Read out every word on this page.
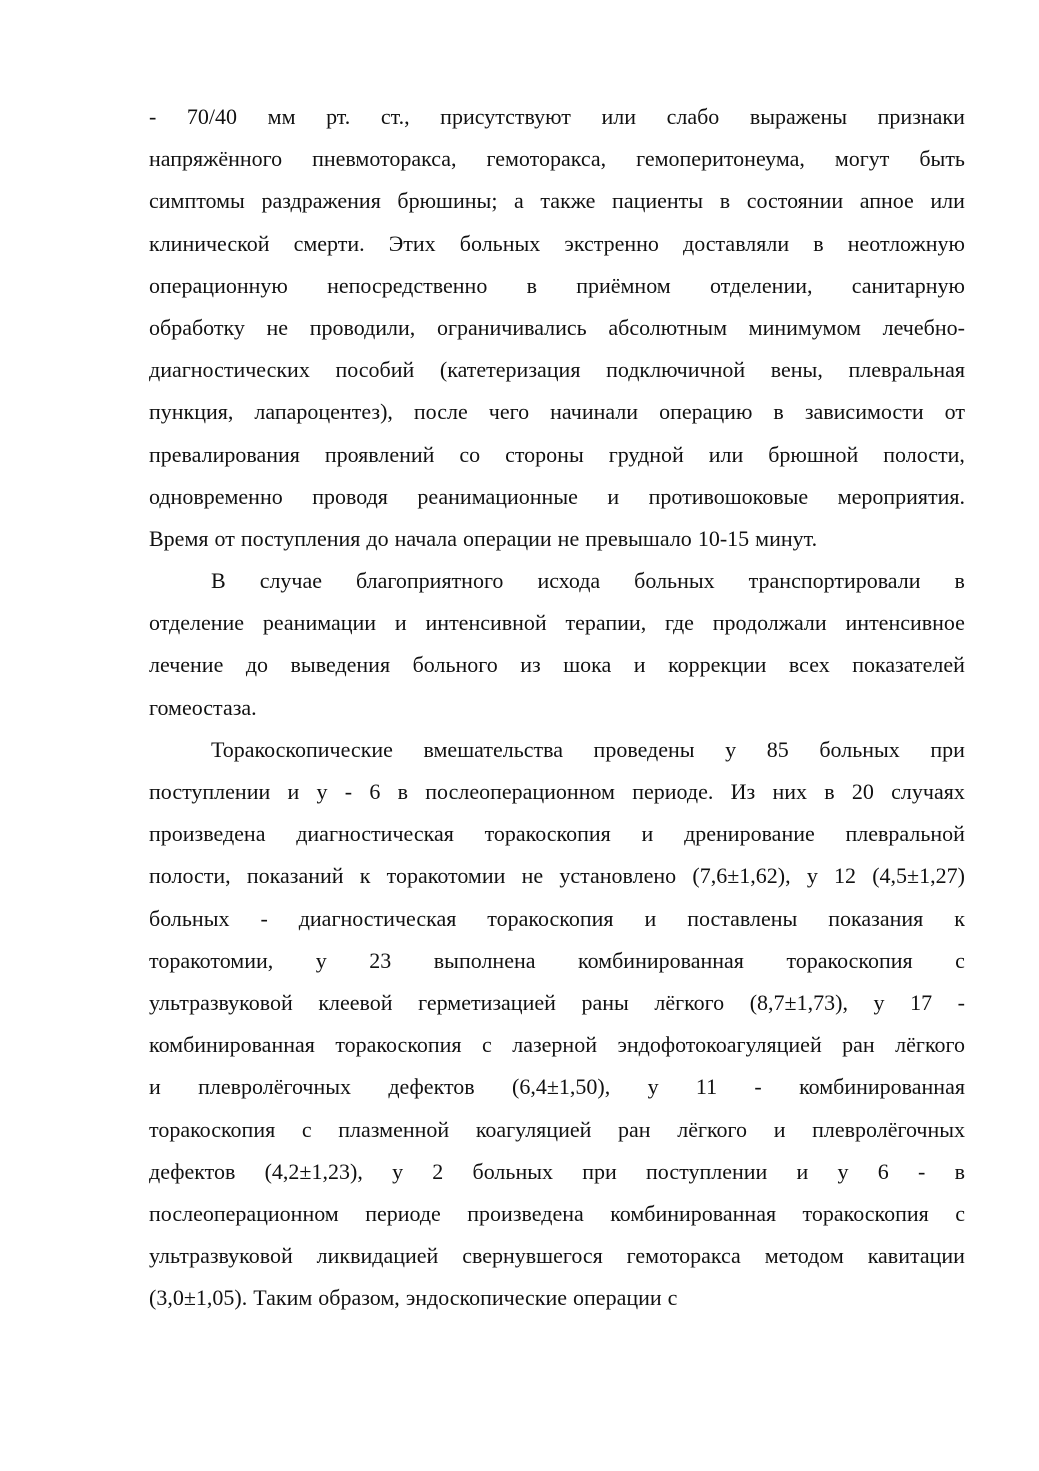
- 70/40 мм рт. ст., присутствуют или слабо выражены признаки
напряжённого пневмоторакса, гемоторакса, гемоперитонеума, могут быть
симптомы раздражения брюшины; а также пациенты в состоянии апное или
клинической смерти. Этих больных экстренно доставляли в неотложную
операционную непосредственно в приёмном отделении, санитарную
обработку не проводили, ограничивались абсолютным минимумом лечебно-
диагностических пособий (катетеризация подключичной вены, плевральная
пункция, лапароцентез), после чего начинали операцию в зависимости от
превалирования проявлений со стороны грудной или брюшной полости,
одновременно проводя реанимационные и противошоковые мероприятия.
Время от поступления до начала операции не превышало 10-15 минут.
В случае благоприятного исхода больных транспортировали в
отделение реанимации и интенсивной терапии, где продолжали интенсивное
лечение до выведения больного из шока и коррекции всех показателей
гомеостаза.
Торакоскопические вмешательства проведены у 85 больных при
поступлении и у - 6 в послеоперационном периоде. Из них в 20 случаях
произведена диагностическая торакоскопия и дренирование плевральной
полости, показаний к торакотомии не установлено (7,6±1,62), у 12 (4,5±1,27)
больных - диагностическая торакоскопия и поставлены показания к
торакотомии, у 23 выполнена комбинированная торакоскопия с
ультразвуковой клеевой герметизацией раны лёгкого (8,7±1,73), у 17 -
комбинированная торакоскопия с лазерной эндофотокоагуляцией ран лёгкого
и плевролёгочных дефектов (6,4±1,50), у 11 - комбинированная
торакоскопия с плазменной коагуляцией ран лёгкого и плевролёгочных
дефектов (4,2±1,23), у 2 больных при поступлении и у 6 - в
послеоперационном периоде произведена комбинированная торакоскопия с
ультразвуковой ликвидацией свернувшегося гемоторакса методом кавитации
(3,0±1,05). Таким образом, эндоскопические операции с
